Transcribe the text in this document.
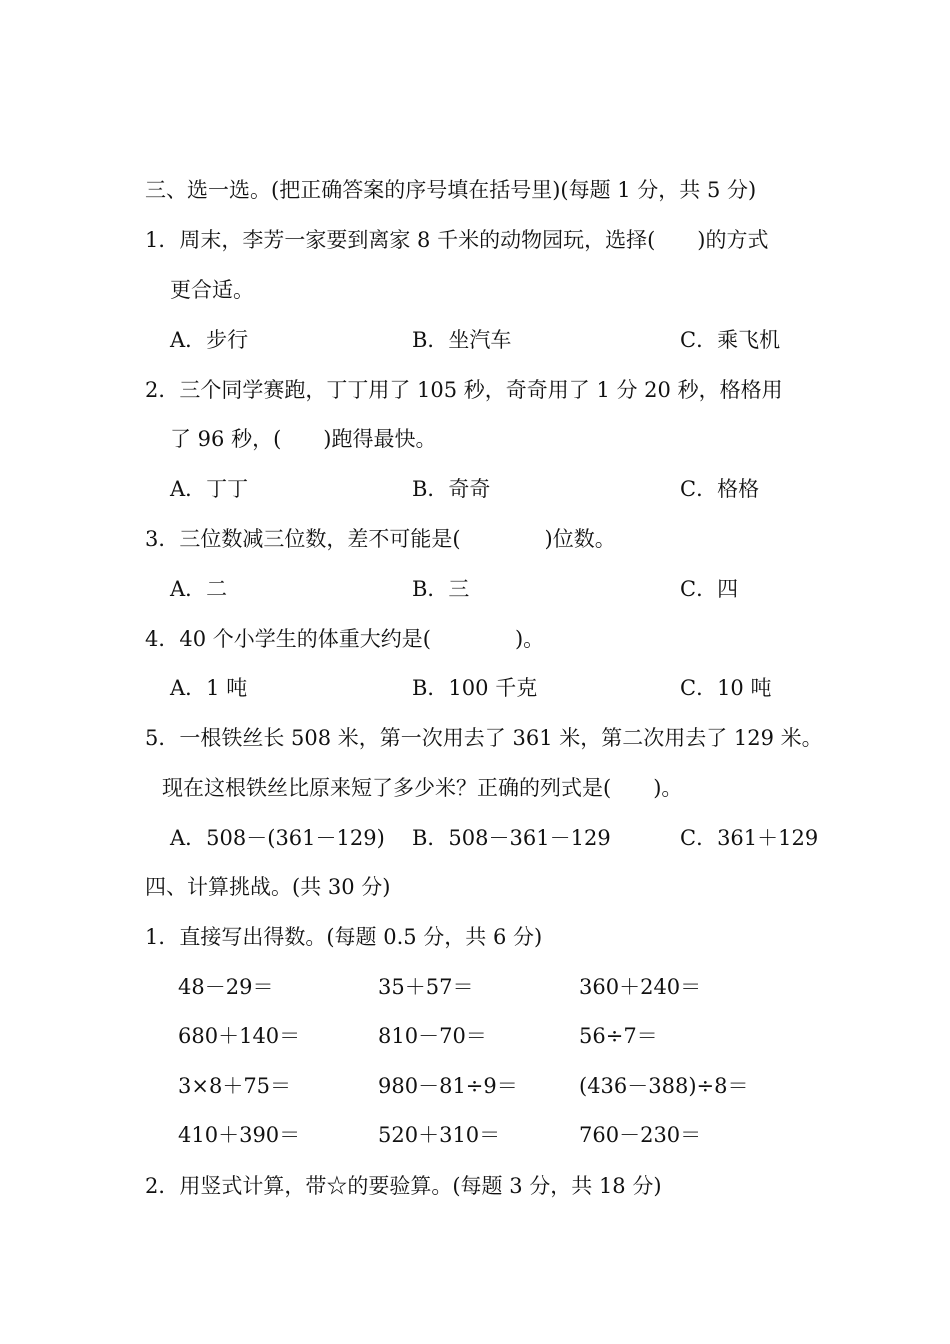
三、选一选。(把正确答案的序号填在括号里)(每题 1 分，共 5 分)
1．周末，李芳一家要到离家 8 千米的动物园玩，选择(　　)的方式
更合适。
A．步行	B．坐汽车	C．乘飞机
2．三个同学赛跑，丁丁用了 105 秒，奇奇用了 1 分 20 秒，格格用
了 96 秒，(　　)跑得最快。
A．丁丁	B．奇奇	C．格格
3．三位数减三位数，差不可能是(　　　　)位数。
A．二	B．三	C．四
4．40 个小学生的体重大约是(　　　　)。
A．1 吨	B．100 千克	C．10 吨
5．一根铁丝长 508 米，第一次用去了 361 米，第二次用去了 129 米。
现在这根铁丝比原来短了多少米？正确的列式是(　　)。
A．508－(361－129) B．508－361－129	C．361＋129
四、计算挑战。(共 30 分)
1．直接写出得数。(每题 0.5 分，共 6 分)
48－29＝	35＋57＝	360＋240＝
680＋140＝	810－70＝	56÷7＝
3×8＋75＝	980－81÷9＝	(436－388)÷8＝
410＋390＝	520＋310＝	760－230＝
2．用竖式计算，带☆的要验算。(每题 3 分，共 18 分)
